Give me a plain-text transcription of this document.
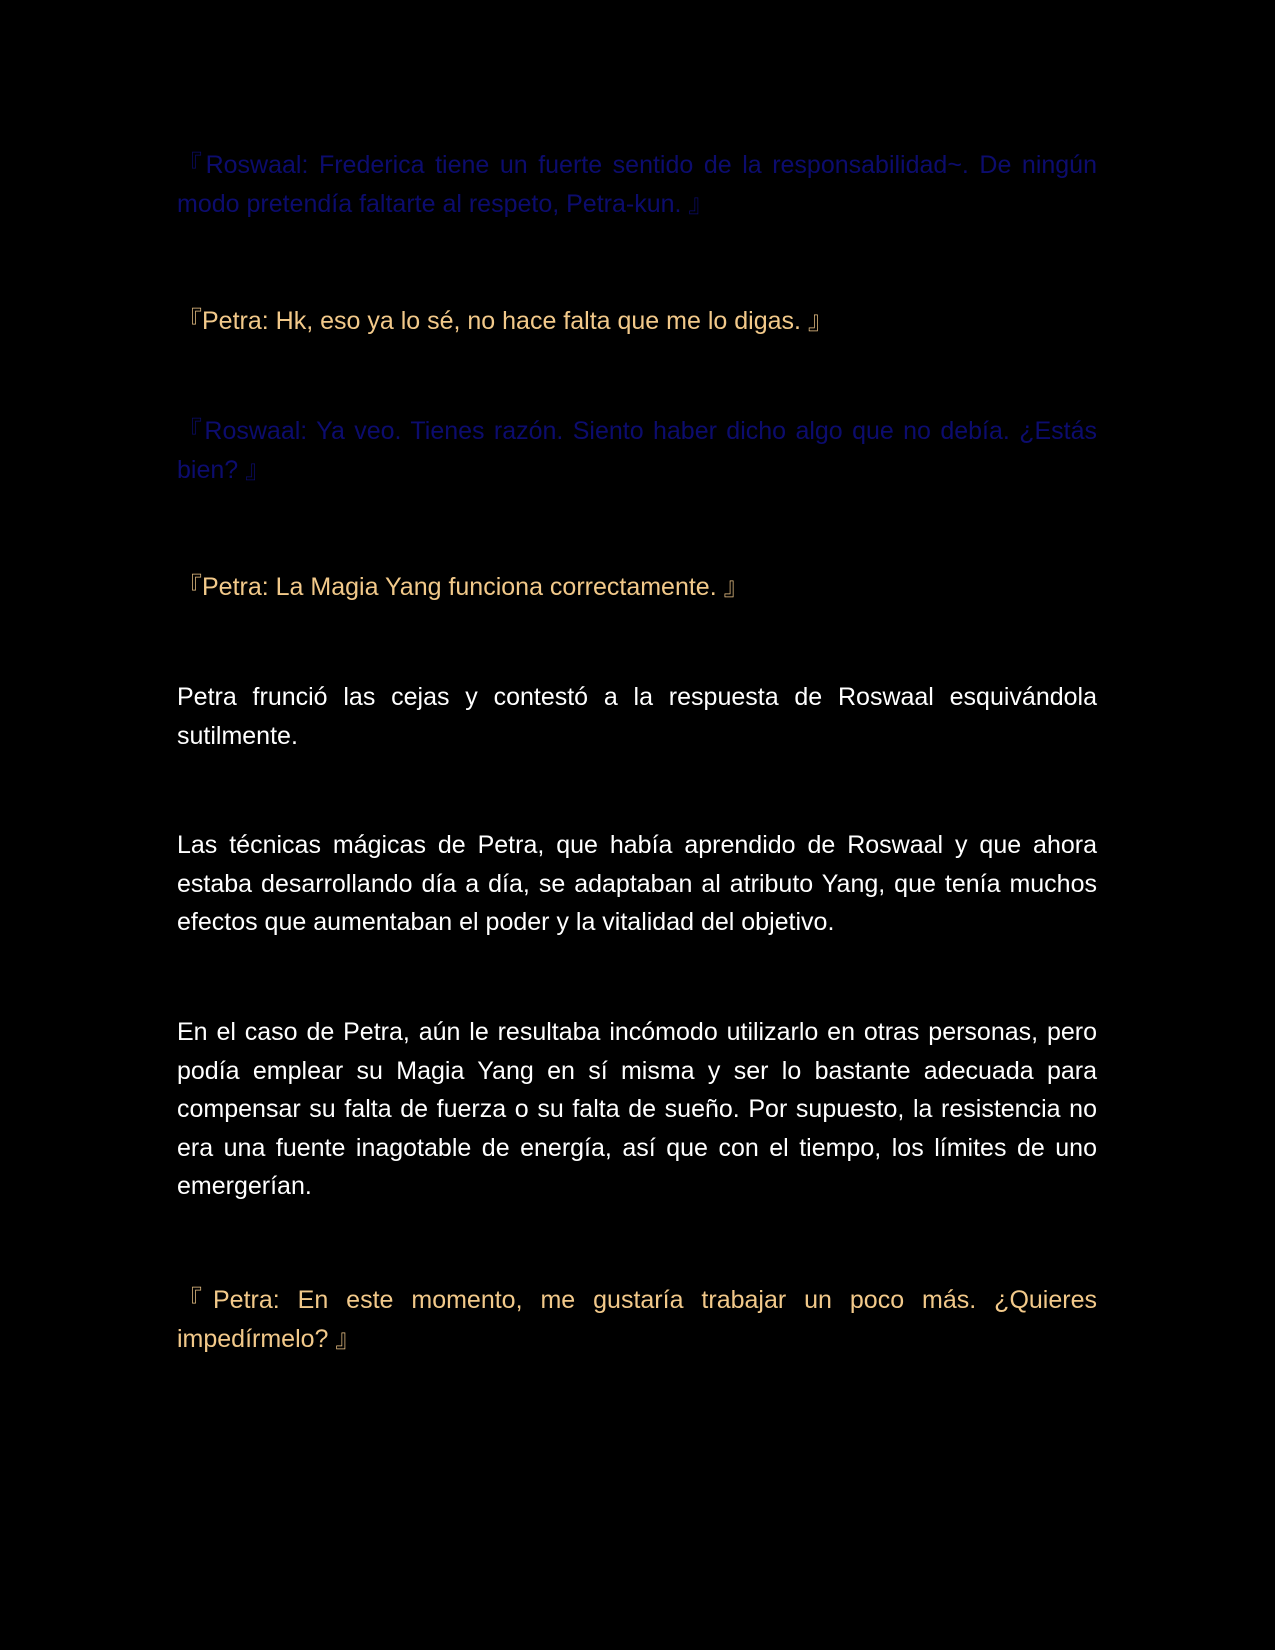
『Roswaal: Frederica tiene un fuerte sentido de la responsabilidad~. De ningún modo pretendía faltarte al respeto, Petra-kun. 』

『Petra: Hk, eso ya lo sé, no hace falta que me lo digas. 』

『Roswaal: Ya veo. Tienes razón. Siento haber dicho algo que no debía. ¿Estás bien? 』

『Petra: La Magia Yang funciona correctamente. 』

Petra frunció las cejas y contestó a la respuesta de Roswaal esquivándola sutilmente.

Las técnicas mágicas de Petra, que había aprendido de Roswaal y que ahora estaba desarrollando día a día, se adaptaban al atributo Yang, que tenía muchos efectos que aumentaban el poder y la vitalidad del objetivo.

En el caso de Petra, aún le resultaba incómodo utilizarlo en otras personas, pero podía emplear su Magia Yang en sí misma y ser lo bastante adecuada para compensar su falta de fuerza o su falta de sueño. Por supuesto, la resistencia no era una fuente inagotable de energía, así que con el tiempo, los límites de uno emergerían.

『Petra: En este momento, me gustaría trabajar un poco más. ¿Quieres impedírmelo? 』
